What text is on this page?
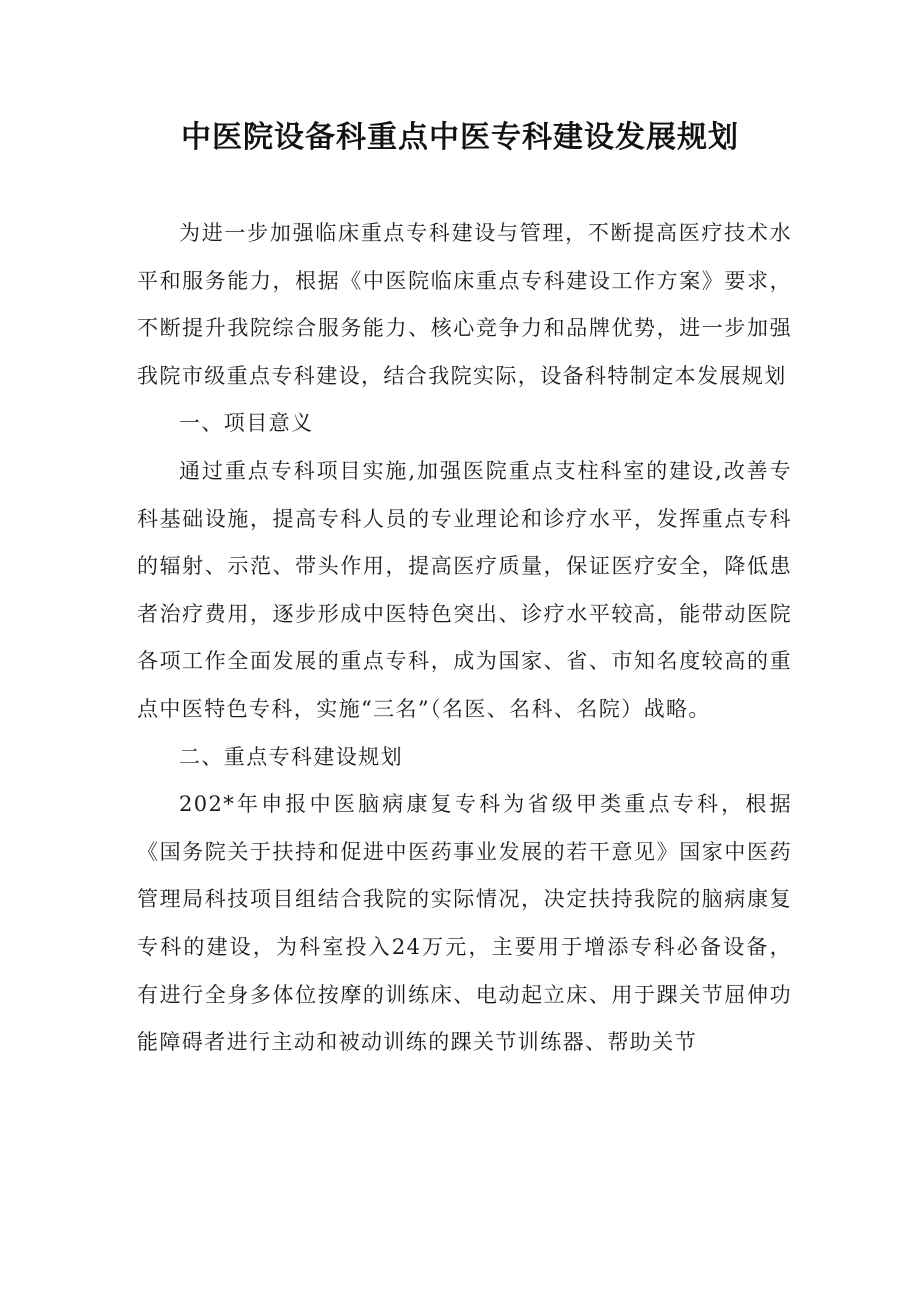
中医院设备科重点中医专科建设发展规划

为进一步加强临床重点专科建设与管理，不断提高医疗技术水平和服务能力，根据《中医院临床重点专科建设工作方案》要求，不断提升我院综合服务能力、核心竞争力和品牌优势，进一步加强我院市级重点专科建设，结合我院实际，设备科特制定本发展规划

一、项目意义

通过重点专科项目实施,加强医院重点支柱科室的建设,改善专科基础设施，提高专科人员的专业理论和诊疗水平，发挥重点专科的辐射、示范、带头作用，提高医疗质量，保证医疗安全，降低患者治疗费用，逐步形成中医特色突出、诊疗水平较高，能带动医院各项工作全面发展的重点专科，成为国家、省、市知名度较高的重点中医特色专科，实施“三名”（名医、名科、名院）战略。

二、重点专科建设规划

202*年申报中医脑病康复专科为省级甲类重点专科，根据《国务院关于扶持和促进中医药事业发展的若干意见》国家中医药管理局科技项目组结合我院的实际情况，决定扶持我院的脑病康复专科的建设，为科室投入24万元，主要用于增添专科必备设备，有进行全身多体位按摩的训练床、电动起立床、用于踝关节屈伸功能障碍者进行主动和被动训练的踝关节训练器、帮助关节
